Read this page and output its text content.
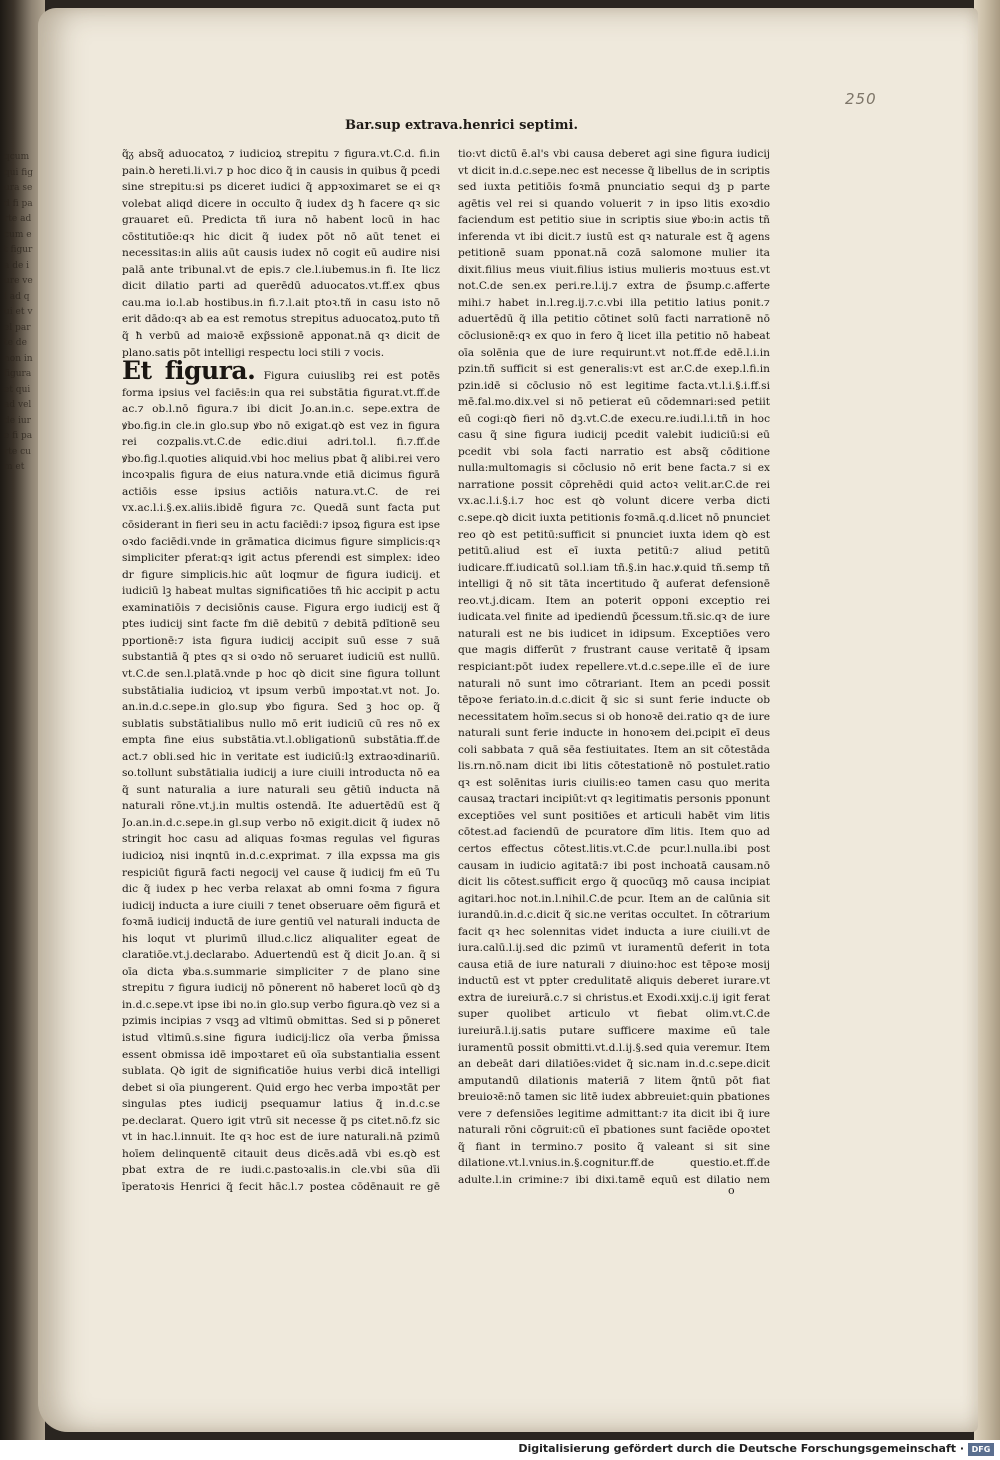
qcum qui figura sed fi parte ad cum et figura de iure vel ad qui et vel parte de non in figura et qui ad vel de iure fi parte cum et
250
Bar.sup extrava.henrici septimi.

q̃ᵹ absq̃ aduocatoꝝ ⁊ iudicioꝝ strepitu ⁊ figura.vt.C.d. fi.in pain.ꝺ hereti.li.vi.⁊ p hoc dico q̃ in causis in quibus q̃ pcedi sine strepitu:si ps diceret iudici q̃ appꝛoximaret se ei qꝛ volebat aliqd dicere in occulto q̃ iudex dꝫ ħ facere qꝛ sic grauaret eū. Predicta tñ iura nō habent locū in hac cōstitutiōe:qꝛ hic dicit q̃ iudex pōt nō aūt tenet ei necessitas:in aliis aūt causis iudex nō cogit eū audire nisi palā ante tribunal.vt de epis.⁊ cle.l.iubemus.in fi. Ite licz dicit dilatio parti ad querēdū aduocatos.vt.ff.ex qbus cau.ma io.l.ab hostibus.in fi.⁊.l.ait ptoꝛ.tñ in casu isto nō erit dādo:qꝛ ab ea est remotus strepitus aduocatoꝝ.puto tñ q̃ ħ verbū ad maioꝛē exp̃ssionē apponat.nā qꝛ dicit de plano.satis pōt intelligi respectu loci stili ⁊ vocis.

Et figura. Figura cuiuslibꝫ rei est potēs forma ipsius vel faciēs:in qua rei substātia figurat.vt.ff.de ac.⁊ ob.l.nō figura.⁊ ibi dicit Jo.an.in.c. sepe.extra de ꝟbo.fig.in cle.in glo.sup ꝟbo nō exigat.qꝺ est vez in figura rei cozpalis.vt.C.de edic.diui adri.tol.l. fi.⁊.ff.de ꝟbo.fig.l.quoties aliquid.vbi hoc melius pbat q̃ alibi.rei vero incoꝛpalis figura de eius natura.vnde etiā dicimus figurā actiōis esse ipsius actiōis natura.vt.C. de rei vx.ac.l.i.§.ex.aliis.ibidē figura ⁊c. Quedā sunt facta put cōsiderant in fieri seu in actu faciēdi:⁊ ipsoꝝ figura est ipse oꝛdo faciēdi.vnde in grāmatica dicimus figure simplicis:qꝛ simpliciter pferat:qꝛ igit actus pferendi est simplex: ideo dr figure simplicis.hic aūt loqmur de figura iudicij. et iudiciū lꝫ habeat multas significatiōes tñ hic accipit p actu examinatiōis ⁊ decisiōnis cause. Figura ergo iudicij est q̃ ptes iudicij sint facte fm diē debitū ⁊ debitā pdītionē seu pportionē:⁊ ista figura iudicij accipit suū esse ⁊ suā substantiā q̃ ptes qꝛ si oꝛdo nō seruaret iudiciū est nullū. vt.C.de sen.l.platā.vnde p hoc qꝺ dicit sine figura tollunt substātialia iudicioꝝ vt ipsum verbū impoꝛtat.vt not. Jo. an.in.d.c.sepe.in glo.sup ꝟbo figura. Sed ꝫ hoc op. q̃ sublatis substātialibus nullo mō erit iudiciū cū res nō ex empta fine eius substātia.vt.l.obligationū substātia.ff.de act.⁊ obli.sed hic in veritate est iudiciū:lꝫ extraoꝛdinariū. so.tollunt substātialia iudicij a iure ciuili introducta nō ea q̃ sunt naturalia a iure naturali seu gētiū inducta nā naturali rōne.vt.j.in multis ostendā. Ite aduertēdū est q̃ Jo.an.in.d.c.sepe.in gl.sup verbo nō exigit.dicit q̃ iudex nō stringit hoc casu ad aliquas foꝛmas regulas vel figuras iudicioꝝ nisi inqntū in.d.c.exprimat. ⁊ illa expssa ma gis respiciūt figurā facti negocij vel cause q̃ iudicij fm eū Tu dic q̃ iudex p hec verba relaxat ab omni foꝛma ⁊ figura iudicij inducta a iure ciuili ⁊ tenet obseruare oēm figurā et foꝛmā iudicij inductā de iure gentiū vel naturali inducta de his loqut vt plurimū illud.c.licz aliqualiter egeat de claratiōe.vt.j.declarabo. Aduertendū est q̃ dicit Jo.an. q̃ si oīa dicta ꝟba.s.summarie simpliciter ⁊ de plano sine strepitu ⁊ figura iudicij nō pōnerent nō haberet locū qꝺ dꝫ in.d.c.sepe.vt ipse ibi no.in glo.sup verbo figura.qꝺ vez si a pzimis incipias ⁊ vsqꝫ ad vltimū obmittas. Sed si p pōneret istud vltimū.s.sine figura iudicij:licz oīa verba p̃missa essent obmissa idē impoꝛtaret eū oīa substantialia essent sublata. Qꝺ igit de significatiōe huius verbi dicā intelligi debet si oīa piungerent. Quid ergo hec verba impoꝛtāt per singulas ptes iudicij psequamur latius q̃ in.d.c.se pe.declarat. Quero igit vtrū sit necesse q̃ ps citet.nō.fz sic vt in hac.l.innuit. Ite qꝛ hoc est de iure naturali.nā pzimū hoīem delinquentē citauit deus dicēs.adā vbi es.qꝺ est pbat extra de re iudi.c.pastoꝛalis.in cle.vbi sūa dīi īperatoꝛis Henrici q̃ fecit hāc.l.⁊ postea cōdēnauit re gē

tio:vt dictū ē.al's vbi causa deberet agi sine figura iudicij vt dicit in.d.c.sepe.nec est necesse q̃ libellus de in scriptis sed iuxta petitiōis foꝛmā pnunciatio sequi dꝫ p parte agētis vel rei si quando voluerit ⁊ in ipso litis exoꝛdio faciendum est petitio siue in scriptis siue ꝟbo:in actis tñ inferenda vt ibi dicit.⁊ iustū est qꝛ naturale est q̃ agens petitionē suam pponat.nā cozā salomone mulier ita dixit.filius meus viuit.filius istius mulieris moꝛtuus est.vt not.C.de sen.ex peri.re.l.ij.⁊ extra de p̃sump.c.afferte mihi.⁊ habet in.l.reg.ij.⁊.c.vbi illa petitio latius ponit.⁊ aduertēdū q̃ illa petitio cōtinet solū facti narrationē nō cōclusionē:qꝛ ex quo in fero q̃ licet illa petitio nō habeat oīa solēnia que de iure requirunt.vt not.ff.de edē.l.i.in pzin.tñ sufficit si est generalis:vt est ar.C.de exep.l.fi.in pzin.idē si cōclusio nō est legitime facta.vt.l.i.§.i.ff.si mē.fal.mo.dix.vel si nō petierat eū cōdemnari:sed petiit eū cogi:qꝺ fieri nō dꝫ.vt.C.de execu.re.iudi.l.i.tñ in hoc casu q̃ sine figura iudicij pcedit valebit iudiciū:si eū pcedit vbi sola facti narratio est absq̃ cōditione nulla:multomagis si cōclusio nō erit bene facta.⁊ si ex narratione possit cōprehēdi quid actoꝛ velit.ar.C.de rei vx.ac.l.i.§.i.⁊ hoc est qꝺ volunt dicere verba dicti c.sepe.qꝺ dicit iuxta petitionis foꝛmā.q.d.licet nō pnunciet reo qꝺ est petitū:sufficit si pnunciet iuxta idem qꝺ est petitū.aliud est eī iuxta petitū:⁊ aliud petitū iudicare.ff.iudicatū sol.l.iam tñ.§.in hac.ꝟ.quid tñ.semp tñ intelligi q̃ nō sit tāta incertitudo q̃ auferat defensionē reo.vt.j.dicam. Item an poterit opponi exceptio rei iudicata.vel finite ad ipediendū p̃cessum.tñ.sic.qꝛ de iure naturali est ne bis iudicet in idipsum. Exceptiōes vero que magis differūt ⁊ frustrant cause veritatē q̃ ipsam respiciant:pōt iudex repellere.vt.d.c.sepe.ille eī de iure naturali nō sunt imo cōtrariant. Item an pcedi possit tēpoꝛe feriato.in.d.c.dicit q̃ sic si sunt ferie inducte ob necessitatem hoīm.secus si ob honoꝛē dei.ratio qꝛ de iure naturali sunt ferie inducte in honoꝛem dei.pcipit eī deus coli sabbata ⁊ quā sēa festiuitates. Item an sit cōtestāda lis.rn.nō.nam dicit ibi litis cōtestationē nō postulet.ratio qꝛ est solēnitas iuris ciuilis:eo tamen casu quo merita causaꝝ tractari incipiūt:vt qꝛ legitimatis personis pponunt exceptiōes vel sunt positiōes et articuli habēt vim litis cōtest.ad faciendū de pcuratore dīm litis. Item quo ad certos effectus cōtest.litis.vt.C.de pcur.l.nulla.ibi post causam in iudicio agitatā:⁊ ibi post inchoatā causam.nō dicit lis cōtest.sufficit ergo q̃ quocūqꝫ mō causa incipiat agitari.hoc not.in.l.nihil.C.de pcur. Item an de calūnia sit iurandū.in.d.c.dicit q̃ sic.ne veritas occultet. In cōtrarium facit qꝛ hec solennitas videt inducta a iure ciuili.vt de iura.calū.l.ij.sed dic pzimū vt iuramentū deferit in tota causa etiā de iure naturali ⁊ diuino:hoc est tēpoꝛe mosij inductū est vt ppter credulitatē aliquis deberet iurare.vt extra de iureiurā.c.⁊ si christus.et Exodi.xxij.c.ij igit ferat super quolibet articulo vt fiebat olim.vt.C.de iureiurā.l.ij.satis putare sufficere maxime eū tale iuramentū possit obmitti.vt.d.l.ij.§.sed quia veremur. Item an debeāt dari dilatiōes:videt q̃ sic.nam in.d.c.sepe.dicit amputandū dilationis materiā ⁊ litem q̃ntū pōt fiat breuioꝛē:nō tamen sic litē iudex abbreuiet:quin pbationes vere ⁊ defensiōes legitime admittant:⁊ ita dicit ibi q̃ iure naturali rōni cōgruit:cū eī pbationes sunt faciēde opoꝛtet q̃ fiant in termino.⁊ posito q̃ valeant si sit sine dilatione.vt.l.vnius.in.§.cognitur.ff.de questio.et.ff.de adulte.l.in crimine:⁊ ibi dixi.tamē equū est dilatio nem

o
Digitalisierung gefördert durch die Deutsche Forschungsgemeinschaft · DFG
